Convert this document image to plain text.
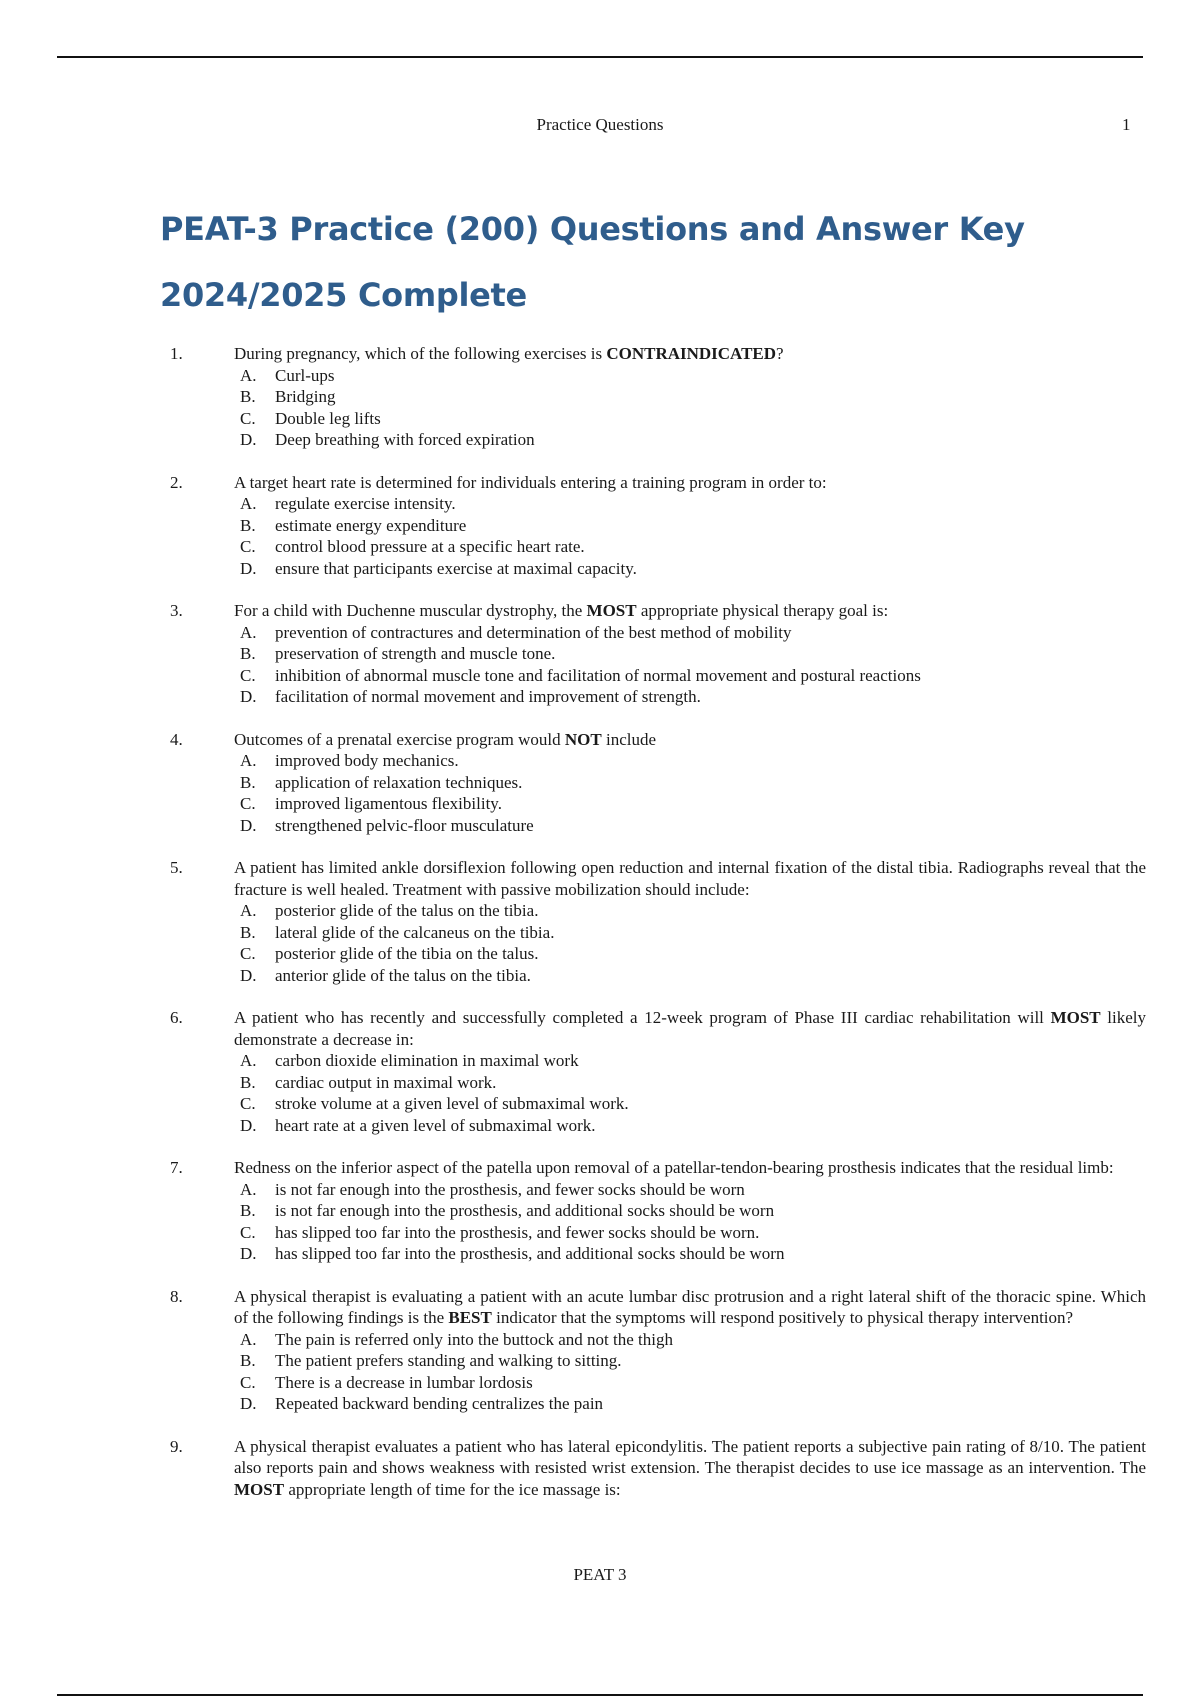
Practice Questions	1
PEAT-3 Practice (200) Questions and Answer Key 2024/2025 Complete
1.	During pregnancy, which of the following exercises is CONTRAINDICATED?
A. Curl-ups
B. Bridging
C. Double leg lifts
D. Deep breathing with forced expiration
2.	A target heart rate is determined for individuals entering a training program in order to:
A. regulate exercise intensity.
B. estimate energy expenditure
C. control blood pressure at a specific heart rate.
D. ensure that participants exercise at maximal capacity.
3.	For a child with Duchenne muscular dystrophy, the MOST appropriate physical therapy goal is:
A. prevention of contractures and determination of the best method of mobility
B. preservation of strength and muscle tone.
C. inhibition of abnormal muscle tone and facilitation of normal movement and postural reactions
D. facilitation of normal movement and improvement of strength.
4.	Outcomes of a prenatal exercise program would NOT include
A. improved body mechanics.
B. application of relaxation techniques.
C. improved ligamentous flexibility.
D. strengthened pelvic-floor musculature
5.	A patient has limited ankle dorsiflexion following open reduction and internal fixation of the distal tibia. Radiographs reveal that the fracture is well healed. Treatment with passive mobilization should include:
A. posterior glide of the talus on the tibia.
B. lateral glide of the calcaneus on the tibia.
C. posterior glide of the tibia on the talus.
D. anterior glide of the talus on the tibia.
6.	A patient who has recently and successfully completed a 12-week program of Phase III cardiac rehabilitation will MOST likely demonstrate a decrease in:
A. carbon dioxide elimination in maximal work
B. cardiac output in maximal work.
C. stroke volume at a given level of submaximal work.
D. heart rate at a given level of submaximal work.
7.	Redness on the inferior aspect of the patella upon removal of a patellar-tendon-bearing prosthesis indicates that the residual limb:
A. is not far enough into the prosthesis, and fewer socks should be worn
B. is not far enough into the prosthesis, and additional socks should be worn
C. has slipped too far into the prosthesis, and fewer socks should be worn.
D. has slipped too far into the prosthesis, and additional socks should be worn
8.	A physical therapist is evaluating a patient with an acute lumbar disc protrusion and a right lateral shift of the thoracic spine. Which of the following findings is the BEST indicator that the symptoms will respond positively to physical therapy intervention?
A. The pain is referred only into the buttock and not the thigh
B. The patient prefers standing and walking to sitting.
C. There is a decrease in lumbar lordosis
D. Repeated backward bending centralizes the pain
9.	A physical therapist evaluates a patient who has lateral epicondylitis. The patient reports a subjective pain rating of 8/10. The patient also reports pain and shows weakness with resisted wrist extension. The therapist decides to use ice massage as an intervention. The MOST appropriate length of time for the ice massage is:
PEAT 3
